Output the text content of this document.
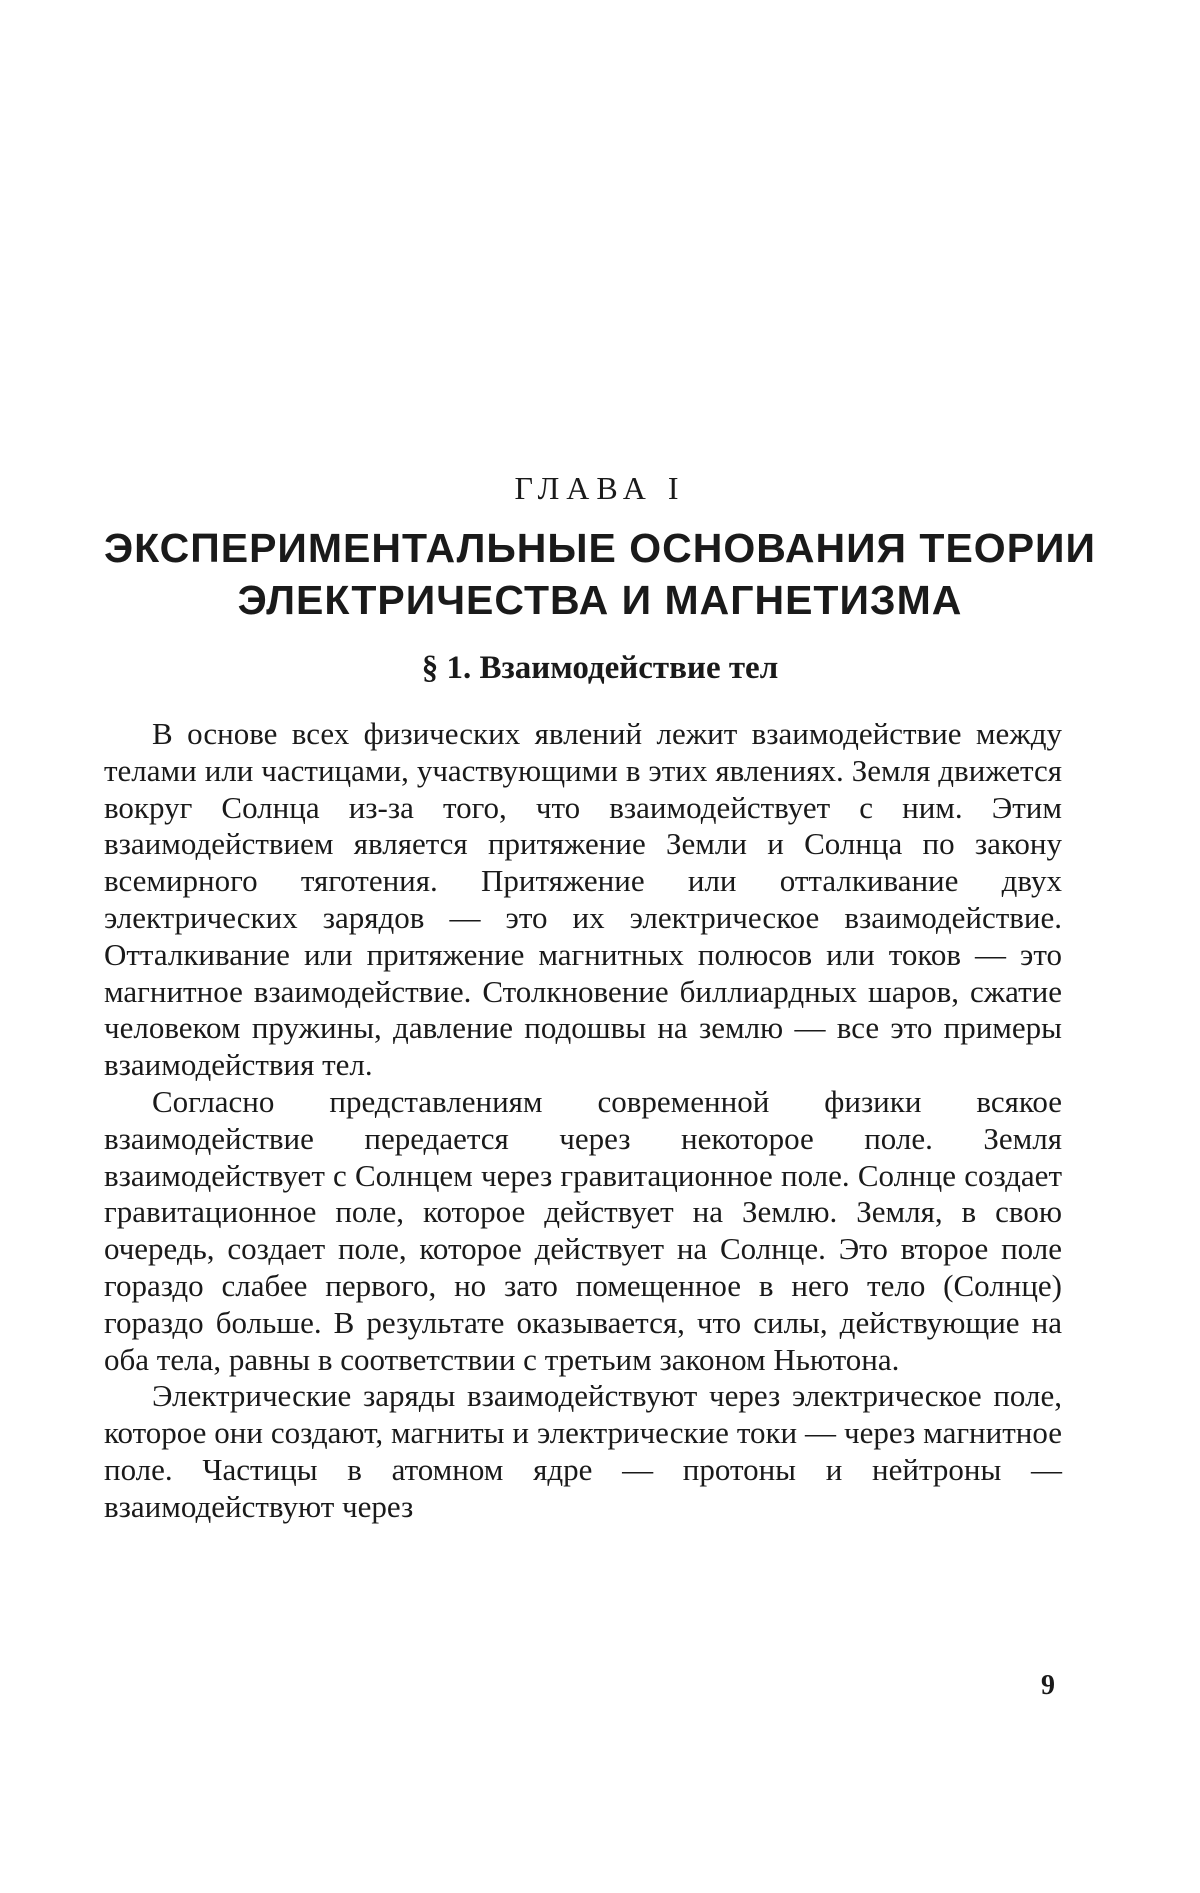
ГЛАВА I
ЭКСПЕРИМЕНТАЛЬНЫЕ ОСНОВАНИЯ ТЕОРИИ
ЭЛЕКТРИЧЕСТВА И МАГНЕТИЗМА
§ 1. Взаимодействие тел

В основе всех физических явлений лежит взаимодействие между телами или частицами, участвующими в этих явлениях. Земля движется вокруг Солнца из-за того, что взаимодействует с ним. Этим взаимодействием является притяжение Земли и Солнца по закону всемирного тяготения. Притяжение или отталкивание двух электрических зарядов — это их электрическое взаимодействие. Отталкивание или притяжение магнитных полюсов или токов — это магнитное взаимодействие. Столкновение биллиардных шаров, сжатие человеком пружины, давление подошвы на землю — все это примеры взаимодействия тел.

Согласно представлениям современной физики всякое взаимодействие передается через некоторое поле. Земля взаимодействует с Солнцем через гравитационное поле. Солнце создает гравитационное поле, которое действует на Землю. Земля, в свою очередь, создает поле, которое действует на Солнце. Это второе поле гораздо слабее первого, но зато помещенное в него тело (Солнце) гораздо больше. В результате оказывается, что силы, действующие на оба тела, равны в соответствии с третьим законом Ньютона.

Электрические заряды взаимодействуют через электрическое поле, которое они создают, магниты и электрические токи — через магнитное поле. Частицы в атомном ядре — протоны и нейтроны — взаимодействуют через

9
